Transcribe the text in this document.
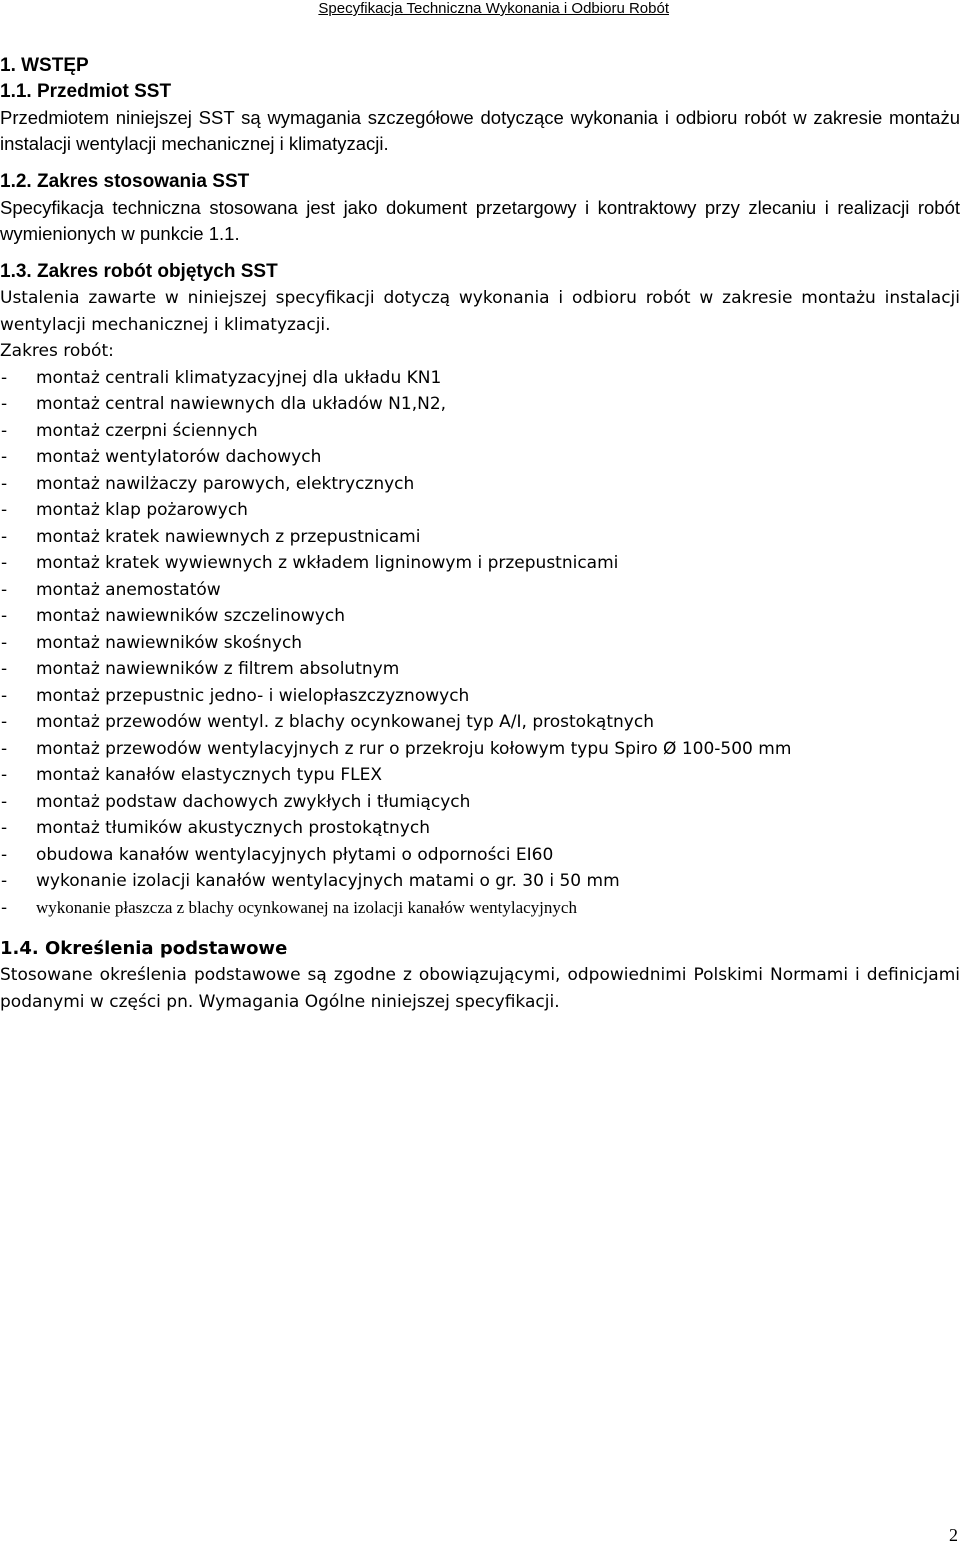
Specyfikacja Techniczna Wykonania i Odbioru Robót

1. WSTĘP

1.1. Przedmiot SST

Przedmiotem niniejszej SST są wymagania szczegółowe dotyczące wykonania i odbioru robót w zakresie montażu instalacji wentylacji mechanicznej i klimatyzacji.

1.2. Zakres stosowania SST

Specyfikacja techniczna stosowana jest jako dokument przetargowy i kontraktowy przy zlecaniu i realizacji robót wymienionych w punkcie 1.1.

1.3. Zakres robót objętych SST

Ustalenia zawarte w niniejszej specyfikacji dotyczą wykonania i odbioru robót w zakresie montażu instalacji wentylacji mechanicznej i klimatyzacji.

Zakres robót:

- montaż centrali klimatyzacyjnej dla układu KN1
- montaż central nawiewnych dla układów N1,N2,
- montaż czerpni ściennych
- montaż wentylatorów dachowych
- montaż nawilżaczy parowych, elektrycznych
- montaż klap pożarowych
- montaż kratek nawiewnych z przepustnicami
- montaż kratek wywiewnych z wkładem ligninowym i przepustnicami
- montaż anemostatów
- montaż nawiewników szczelinowych
- montaż nawiewników skośnych
- montaż nawiewników z filtrem absolutnym
- montaż przepustnic jedno- i wielopłaszczyznowych
- montaż przewodów wentyl. z blachy ocynkowanej typ A/I, prostokątnych
- montaż przewodów wentylacyjnych z rur o przekroju kołowym typu Spiro Ø 100-500 mm
- montaż kanałów elastycznych typu FLEX
- montaż podstaw dachowych zwykłych i tłumiących
- montaż tłumików akustycznych prostokątnych
- obudowa kanałów wentylacyjnych płytami o odporności EI60
- wykonanie izolacji kanałów wentylacyjnych matami o gr. 30 i 50 mm
- wykonanie płaszcza z blachy ocynkowanej na izolacji kanałów wentylacyjnych

1.4. Określenia podstawowe

Stosowane określenia podstawowe są zgodne z obowiązującymi, odpowiednimi Polskimi Normami i definicjami podanymi w części pn. Wymagania Ogólne niniejszej specyfikacji.

2
